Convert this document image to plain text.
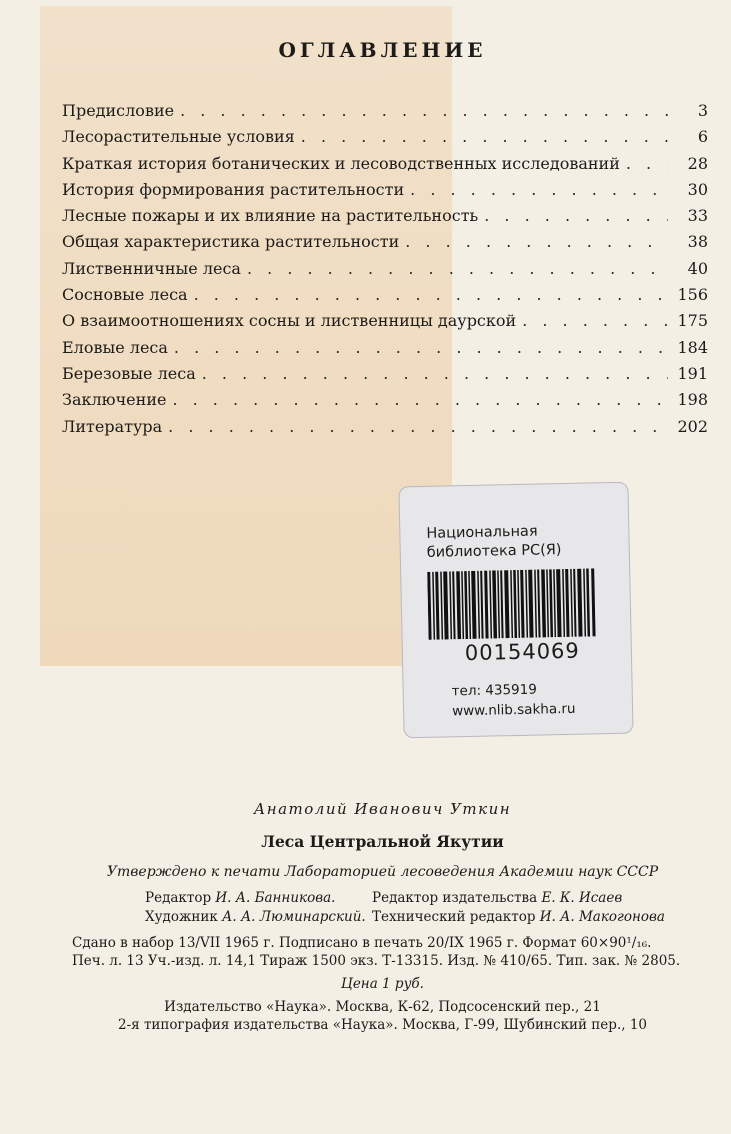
ОГЛАВЛЕНИЕ
Предисловие . . .	3
Лесорастительные условия . . .	6
Краткая история ботанических и лесоводственных исследований . . .	28
История формирования растительности . . .	30
Лесные пожары и их влияние на растительность . . .	33
Общая характеристика растительности . . .	38
Лиственничные леса . . .	40
Сосновые леса . . .	156
О взаимоотношениях сосны и лиственницы даурской . . .	175
Еловые леса . . .	184
Березовые леса . . .	191
Заключение . . .	198
Литература . . .	202
Национальная
библиотека РС(Я)
00154069
тел: 435919
www.nlib.sakha.ru
Анатолий Иванович Уткин
Леса Центральной Якутии
Утверждено к печати Лабораторией лесоведения Академии наук СССР
Редактор И. А. Банникова.
Художник А. А. Люминарский.
Редактор издательства Е. К. Исаев
Технический редактор И. А. Макогонова
Сдано в набор 13/VII 1965 г. Подписано в печать 20/IX 1965 г. Формат 60×90¹/₁₆.
Печ. л. 13 Уч.-изд. л. 14,1 Тираж 1500 экз. Т-13315. Изд. № 410/65. Тип. зак. № 2805.
Цена 1 руб.
Издательство «Наука». Москва, К-62, Подсосенский пер., 21
2-я типография издательства «Наука». Москва, Г-99, Шубинский пер., 10
